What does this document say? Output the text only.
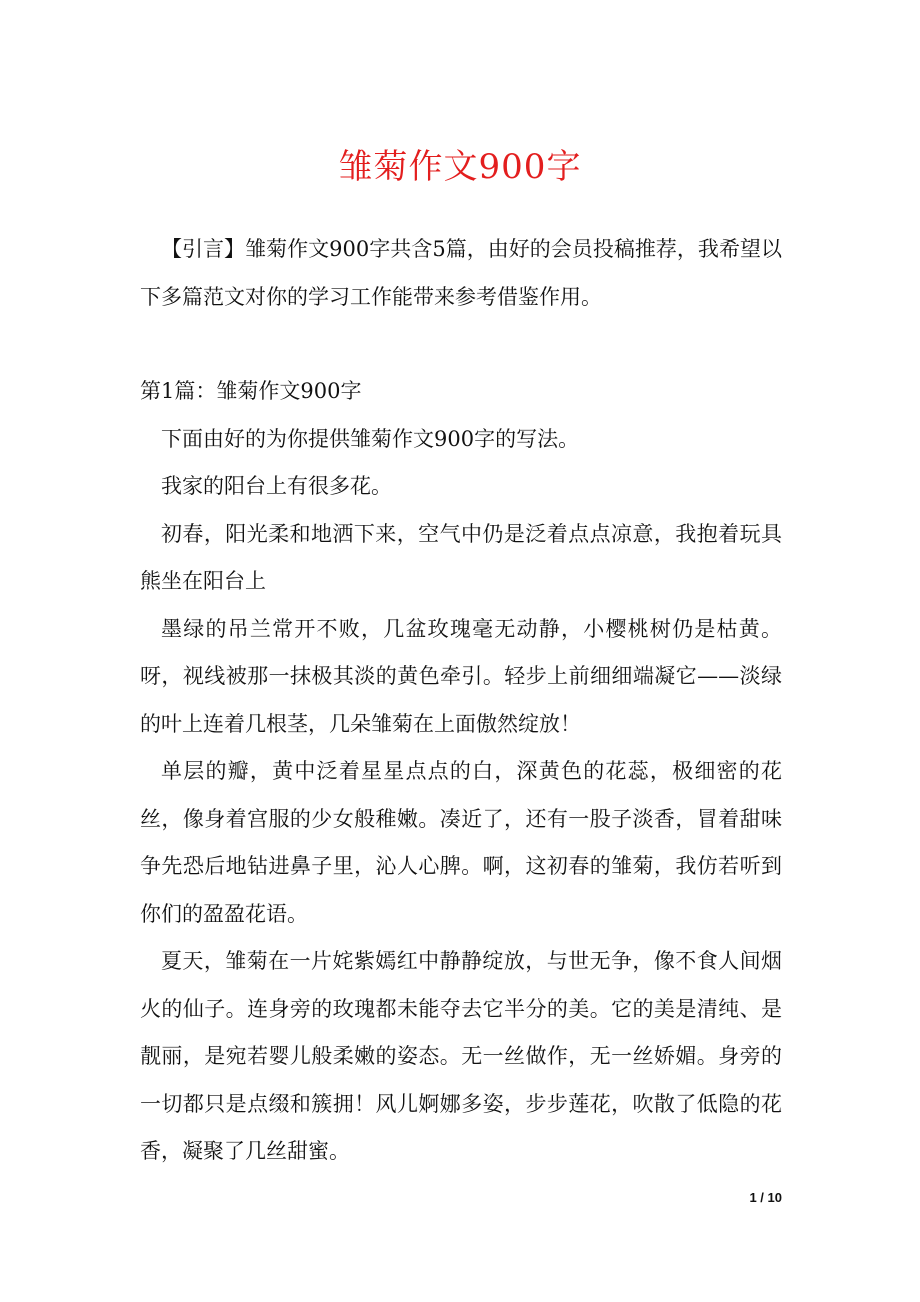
雏菊作文900字

【引言】雏菊作文900字共含5篇，由好的会员投稿推荐，我希望以下多篇范文对你的学习工作能带来参考借鉴作用。

第1篇：雏菊作文900字

下面由好的为你提供雏菊作文900字的写法。

我家的阳台上有很多花。

初春，阳光柔和地洒下来，空气中仍是泛着点点凉意，我抱着玩具熊坐在阳台上

墨绿的吊兰常开不败，几盆玫瑰毫无动静，小樱桃树仍是枯黄。呀，视线被那一抹极其淡的黄色牵引。轻步上前细细端凝它——淡绿的叶上连着几根茎，几朵雏菊在上面傲然绽放！

单层的瓣，黄中泛着星星点点的白，深黄色的花蕊，极细密的花丝，像身着宫服的少女般稚嫩。凑近了，还有一股子淡香，冒着甜味争先恐后地钻进鼻子里，沁人心脾。啊，这初春的雏菊，我仿若听到你们的盈盈花语。

夏天，雏菊在一片姹紫嫣红中静静绽放，与世无争，像不食人间烟火的仙子。连身旁的玫瑰都未能夺去它半分的美。它的美是清纯、是靓丽，是宛若婴儿般柔嫩的姿态。无一丝做作，无一丝娇媚。身旁的一切都只是点缀和簇拥！风儿婀娜多姿，步步莲花，吹散了低隐的花香，凝聚了几丝甜蜜。

1 / 10
